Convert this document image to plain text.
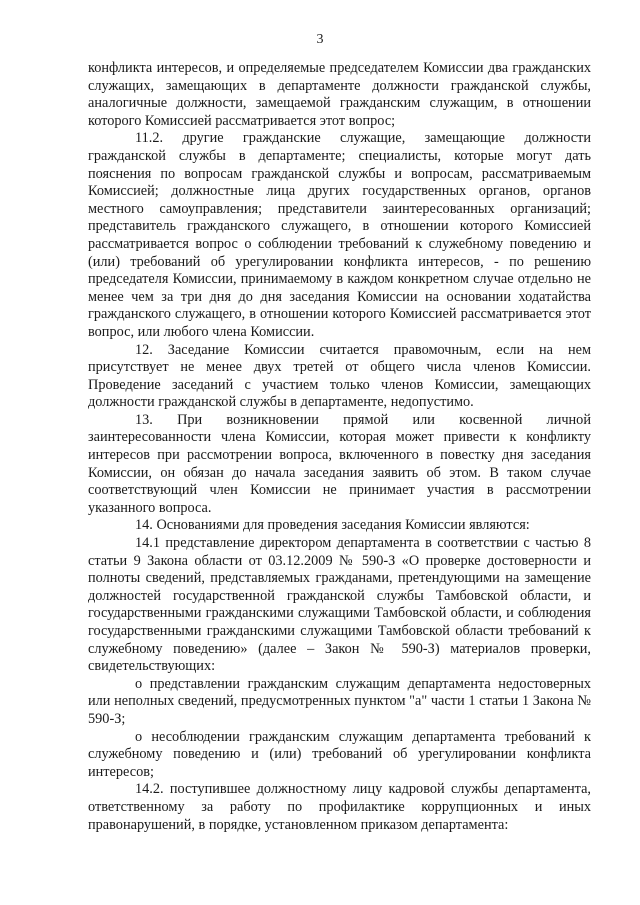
3

конфликта интересов, и определяемые председателем Комиссии два гражданских служащих, замещающих в департаменте должности гражданской службы, аналогичные должности, замещаемой гражданским служащим, в отношении которого Комиссией рассматривается этот вопрос;

11.2. другие гражданские служащие, замещающие должности гражданской службы в департаменте; специалисты, которые могут дать пояснения по вопросам гражданской службы и вопросам, рассматриваемым Комиссией; должностные лица других государственных органов, органов местного самоуправления; представители заинтересованных организаций; представитель гражданского служащего, в отношении которого Комиссией рассматривается вопрос о соблюдении требований к служебному поведению и (или) требований об урегулировании конфликта интересов, - по решению председателя Комиссии, принимаемому в каждом конкретном случае отдельно не менее чем за три дня до дня заседания Комиссии на основании ходатайства гражданского служащего, в отношении которого Комиссией рассматривается этот вопрос, или любого члена Комиссии.

12. Заседание Комиссии считается правомочным, если на нем присутствует не менее двух третей от общего числа членов Комиссии. Проведение заседаний с участием только членов Комиссии, замещающих должности гражданской службы в департаменте, недопустимо.

13. При возникновении прямой или косвенной личной заинтересованности члена Комиссии, которая может привести к конфликту интересов при рассмотрении вопроса, включенного в повестку дня заседания Комиссии, он обязан до начала заседания заявить об этом. В таком случае соответствующий член Комиссии не принимает участия в рассмотрении указанного вопроса.

14. Основаниями для проведения заседания Комиссии являются:

14.1 представление директором департамента в соответствии с частью 8 статьи 9 Закона области от 03.12.2009 № 590-З «О проверке достоверности и полноты сведений, представляемых гражданами, претендующими на замещение должностей государственной гражданской службы Тамбовской области, и государственными гражданскими служащими Тамбовской области, и соблюдения государственными гражданскими служащими Тамбовской области требований к служебному поведению» (далее – Закон № 590-З) материалов проверки, свидетельствующих:

о представлении гражданским служащим департамента недостоверных или неполных сведений, предусмотренных пунктом "а" части 1 статьи 1 Закона № 590-З;

о несоблюдении гражданским служащим департамента требований к служебному поведению и (или) требований об урегулировании конфликта интересов;

14.2. поступившее должностному лицу кадровой службы департамента, ответственному за работу по профилактике коррупционных и иных правонарушений, в порядке, установленном приказом департамента:
